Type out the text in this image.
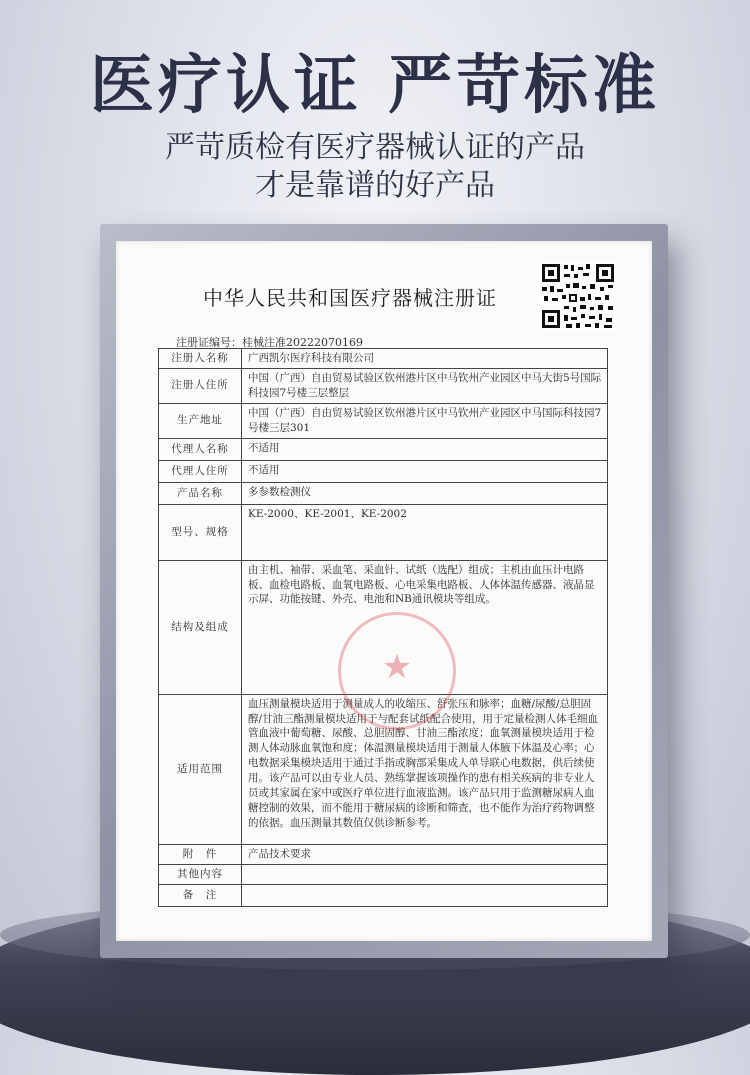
医疗认证 严苛标准
严苛质检有医疗器械认证的产品
才是靠谱的好产品
中华人民共和国医疗器械注册证
注册证编号：桂械注准20222070169
注册人名称	广西凯尔医疗科技有限公司
注册人住所	中国（广西）自由贸易试验区钦州港片区中马钦州产业园区中马大街5号国际科技园7号楼三层整层
生产地址	中国（广西）自由贸易试验区钦州港片区中马钦州产业园区中马国际科技园7号楼三层301
代理人名称	不适用
代理人住所	不适用
产品名称	多参数检测仪
型号、规格	KE-2000、KE-2001、KE-2002
结构及组成	由主机、袖带、采血笔、采血针、试纸（选配）组成；主机由血压计电路板、血检电路板、血氧电路板、心电采集电路板、人体体温传感器、液晶显示屏、功能按键、外壳、电池和NB通讯模块等组成。
适用范围	血压测量模块适用于测量成人的收缩压、舒张压和脉率；血糖/尿酸/总胆固醇/甘油三酯测量模块适用于与配套试纸配合使用，用于定量检测人体毛细血管血液中葡萄糖、尿酸、总胆固醇、甘油三酯浓度；血氧测量模块适用于检测人体动脉血氧饱和度；体温测量模块适用于测量人体腋下体温及心率；心电数据采集模块适用于通过手指或胸部采集成人单导联心电数据，供后续使用。该产品可以由专业人员、熟练掌握该项操作的患有相关疾病的非专业人员或其家属在家中或医疗单位进行血液监测。该产品只用于监测糖尿病人血糖控制的效果，而不能用于糖尿病的诊断和筛查，也不能作为治疗药物调整的依据。血压测量其数值仅供诊断参考。
附　件	产品技术要求
其他内容	
备　注	
★
